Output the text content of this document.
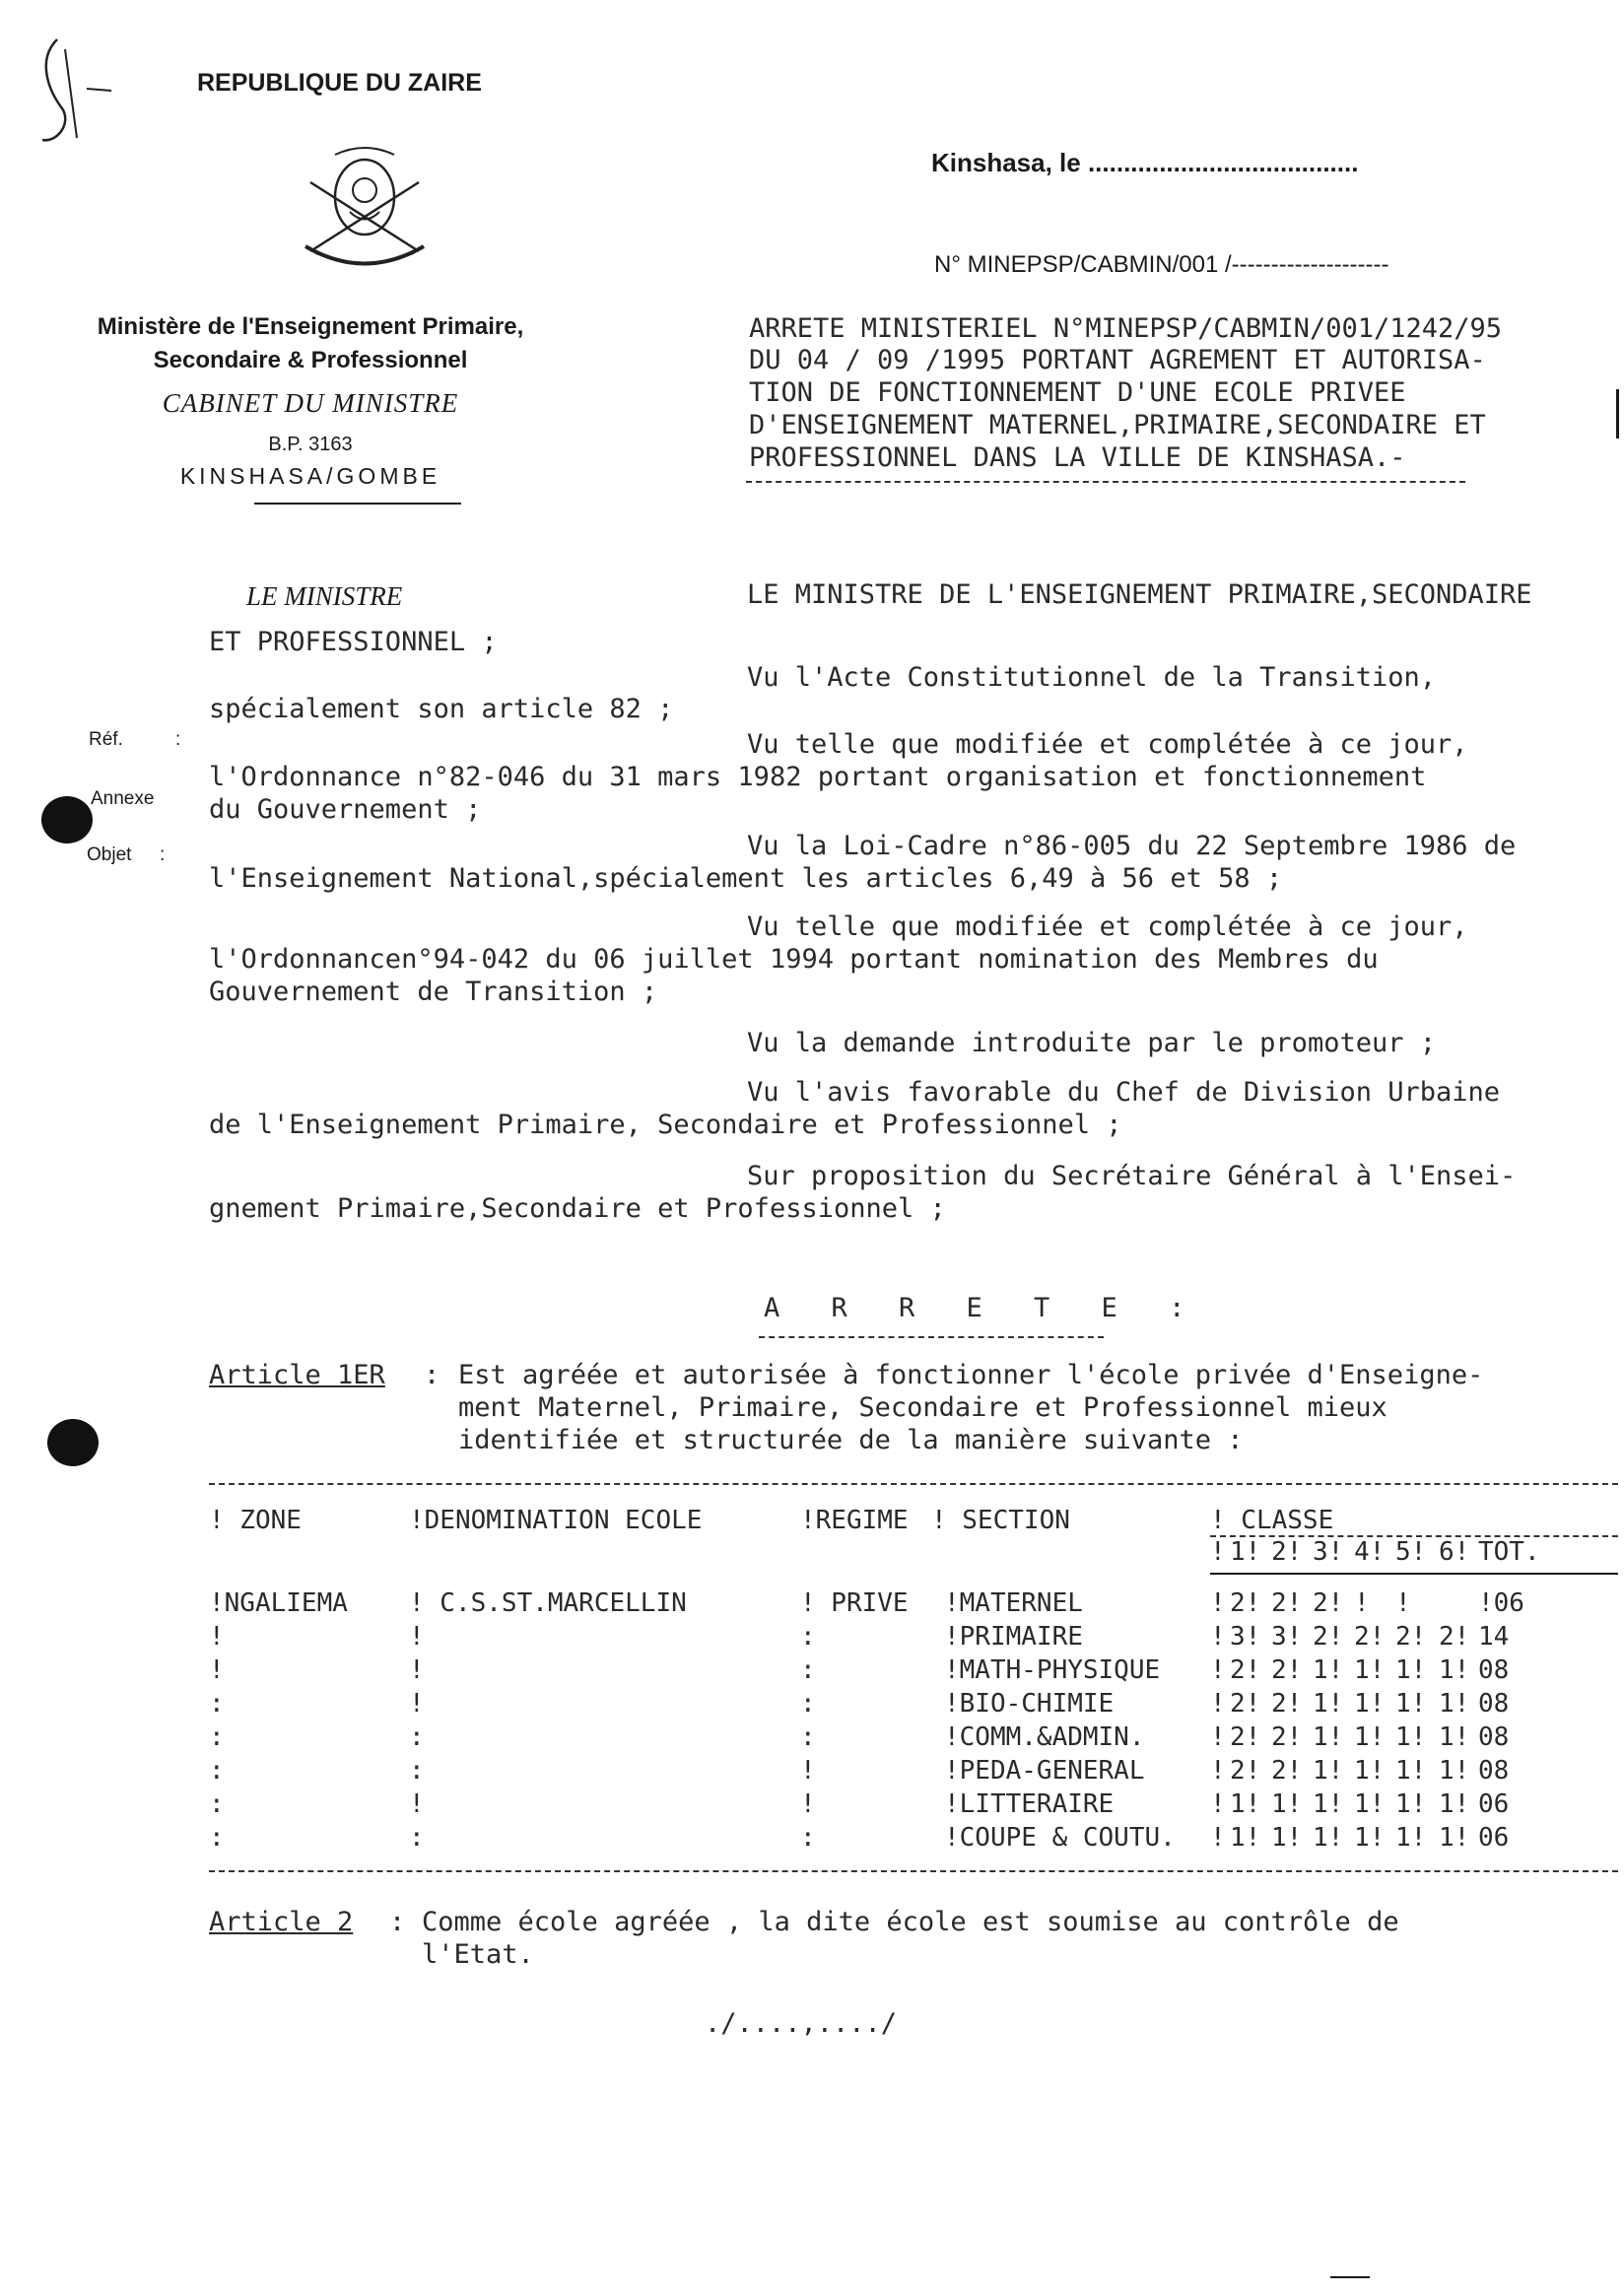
REPUBLIQUE DU ZAIRE
Ministère de l'Enseignement Primaire,
Secondaire & Professionnel
CABINET DU MINISTRE
B.P. 3163
KINSHASA/GOMBE
Kinshasa, le ......................................
N° MINEPSP/CABMIN/001 /--------------------
ARRETE MINISTERIEL N°MINEPSP/CABMIN/001/1242/95
DU 04 / 09 /1995 PORTANT AGREMENT ET AUTORISA-
TION DE FONCTIONNEMENT D'UNE ECOLE PRIVEE
D'ENSEIGNEMENT MATERNEL,PRIMAIRE,SECONDAIRE ET
PROFESSIONNEL DANS LA VILLE DE KINSHASA.-
Réf.	:
Annexe
Objet :
LE MINISTRE	LE MINISTRE DE L'ENSEIGNEMENT PRIMAIRE,SECONDAIRE
ET PROFESSIONNEL ;
Vu l'Acte Constitutionnel de la Transition,
spécialement son article 82 ;
Vu telle que modifiée et complétée à ce jour,
l'Ordonnance n°82-046 du 31 mars 1982 portant organisation et fonctionnement
du Gouvernement ;
Vu la Loi-Cadre n°86-005 du 22 Septembre 1986 de
l'Enseignement National,spécialement les articles 6,49 à 56 et 58 ;
Vu telle que modifiée et complétée à ce jour,
l'Ordonnancen°94-042 du 06 juillet 1994 portant nomination des Membres du
Gouvernement de Transition ;
Vu la demande introduite par le promoteur ;
Vu l'avis favorable du Chef de Division Urbaine
de l'Enseignement Primaire, Secondaire et Professionnel ;
Sur proposition du Secrétaire Général à l'Ensei-
gnement Primaire,Secondaire et Professionnel ;
A R R E T E :
Article 1ER : Est agréée et autorisée à fonctionner l'école privée d'Enseigne-
ment Maternel, Primaire, Secondaire et Professionnel mieux
identifiée et structurée de la manière suivante :
! ZONE	!DENOMINATION ECOLE	!REGIME ! SECTION	! CLASSE
! 1! 2! 3! 4! 5! 6! TOT.
!NGALIEMA ! C.S.ST.MARCELLIN	! PRIVE !MATERNEL	! 2! 2! 2! ! !	!06
!	!	:	!PRIMAIRE	! 3! 3! 2! 2! 2! 2! 14
!	!	:	!MATH-PHYSIQUE ! 2! 2! 1! 1! 1! 1! 08
:	!	:	!BIO-CHIMIE	! 2! 2! 1! 1! 1! 1! 08
:	:	:	!COMM.&ADMIN.	! 2! 2! 1! 1! 1! 1! 08
:	:	!	!PEDA-GENERAL	! 2! 2! 1! 1! 1! 1! 08
:	!	!	!LITTERAIRE	! 1! 1! 1! 1! 1! 1! 06
:	:	:	!COUPE & COUTU. ! 1! 1! 1! 1! 1! 1! 06
Article 2 : Comme école agréée , la dite école est soumise au contrôle de
l'Etat.
./....,..../
